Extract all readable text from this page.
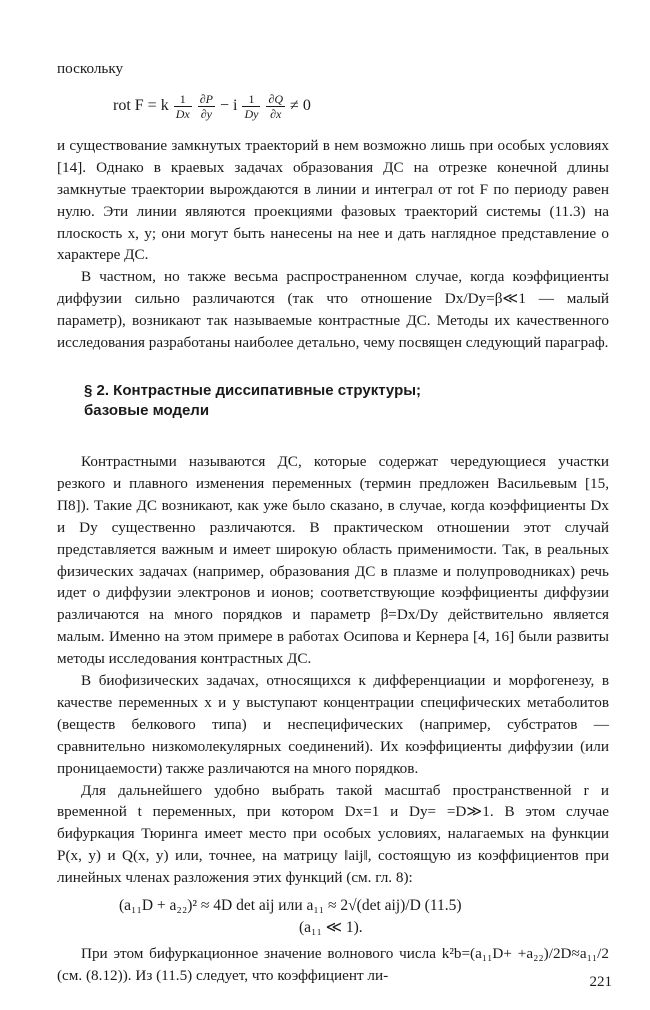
поскольку

rot F = k $\frac{1}{Dx}$
$\frac{\partial P}{\partial y} - i \frac{1}{Dy}$
$\frac{\partial Q}{\partial x} \ne 0$

и существование замкнутых траекторий в нем возможно лишь при особых условиях [14]. Однако в краевых задачах образования ДС на отрезке конечной длины замкнутые траектории вырождаются в линии и интеграл от rot F по периоду равен нулю. Эти линии являются проекциями фазовых траекторий системы (11.3) на плоскость x, y; они могут быть нанесены на нее и дать наглядное представление о характере ДС.

В частном, но также весьма распространенном случае, когда коэффициенты диффузии сильно различаются (так что отношение Dx/Dy=β≪1 — малый параметр), возникают так называемые контрастные ДС. Методы их качественного исследования разработаны наиболее детально, чему посвящен следующий параграф.

§ 2. Контрастные диссипативные структуры;
базовые модели

Контрастными называются ДС, которые содержат чередующиеся участки резкого и плавного изменения переменных (термин предложен Васильевым [15, П8]). Такие ДС возникают, как уже было сказано, в случае, когда коэффициенты Dx и Dy существенно различаются. В практическом отношении этот случай представляется важным и имеет широкую область применимости. Так, в реальных физических задачах (например, образования ДС в плазме и полупроводниках) речь идет о диффузии электронов и ионов; соответствующие коэффициенты диффузии различаются на много порядков и параметр β=Dx/Dy действительно является малым. Именно на этом примере в работах Осипова и Кернера [4, 16] были развиты методы исследования контрастных ДС.

В биофизических задачах, относящихся к дифференциации и морфогенезу, в качестве переменных x и y выступают концентрации специфических метаболитов (веществ белкового типа) и неспецифических (например, субстратов — сравнительно низкомолекулярных соединений). Их коэффициенты диффузии (или проницаемости) также различаются на много порядков.

Для дальнейшего удобно выбрать такой масштаб пространственной r и временной t переменных, при котором Dx=1 и Dy= =D≫1. В этом случае бифуркация Тюринга имеет место при особых условиях, налагаемых на функции P(x, y) и Q(x, y) или, точнее, на матрицу ‖aij‖, состоящую из коэффициентов при линейных членах разложения этих функций (см. гл. 8):

(a₁₁D + a₂₂)² ≈ 4D det aij или a₁₁ ≈ 2√(det aij)/D (11.5)
(a₁₁ ≪ 1).

При этом бифуркационное значение волнового числа k²b=(a₁₁D+ +a₂₂)/2D≈a₁₁/2 (см. (8.12)). Из (11.5) следует, что коэффициент ли-	221
